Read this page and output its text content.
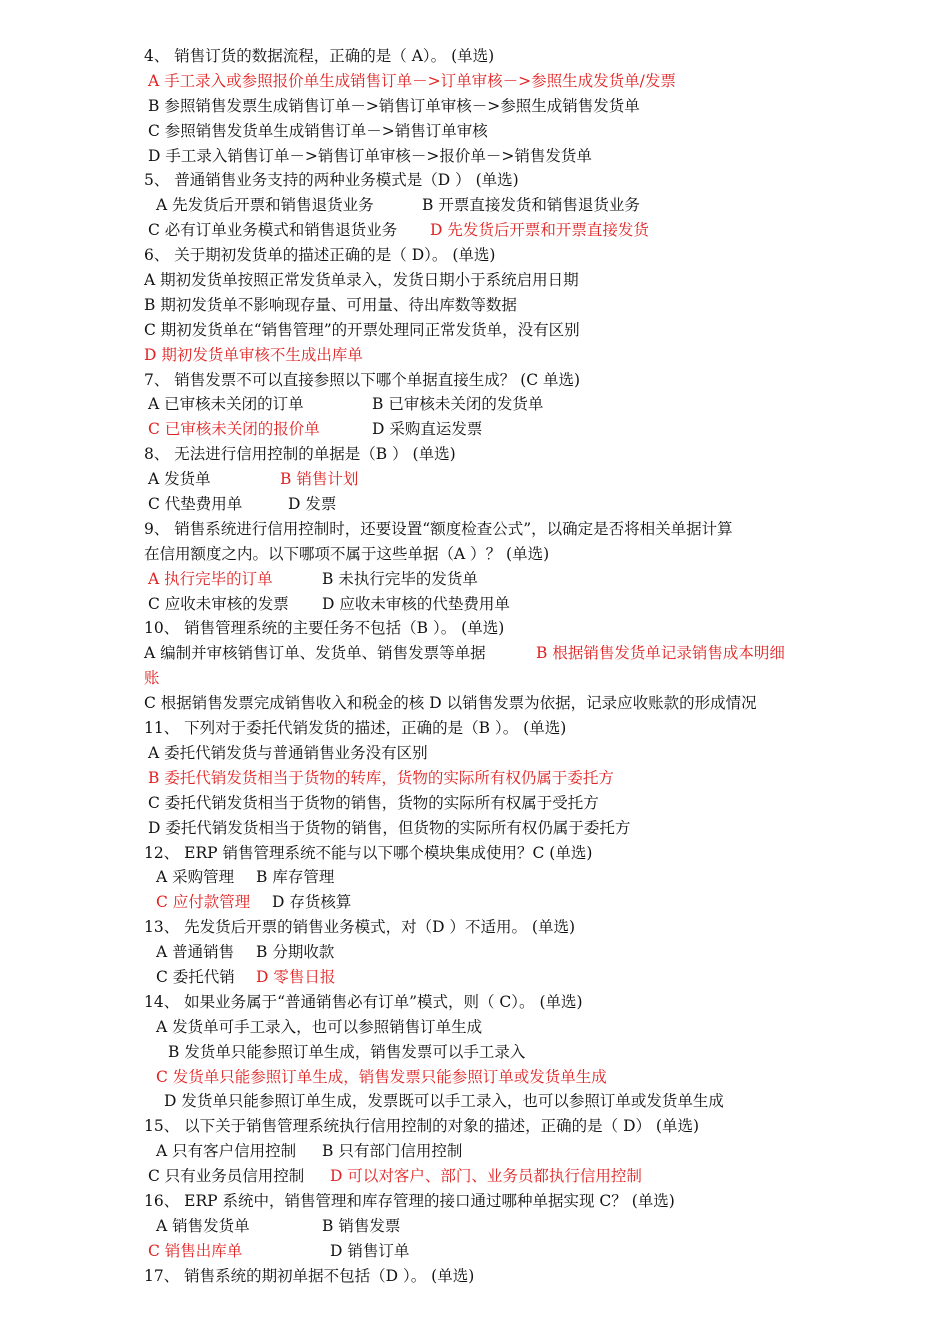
4、 销售订货的数据流程，正确的是（ A）。 (单选)
A 手工录入或参照报价单生成销售订单－>订单审核－>参照生成发货单/发票
B 参照销售发票生成销售订单－>销售订单审核－>参照生成销售发货单
C 参照销售发货单生成销售订单－>销售订单审核
D 手工录入销售订单－>销售订单审核－>报价单－>销售发货单
5、 普通销售业务支持的两种业务模式是（D ） (单选)
A 先发货后开票和销售退货业务	B 开票直接发货和销售退货业务
C 必有订单业务模式和销售退货业务 D 先发货后开票和开票直接发货
6、 关于期初发货单的描述正确的是（ D）。 (单选)
A 期初发货单按照正常发货单录入，发货日期小于系统启用日期
B 期初发货单不影响现存量、可用量、待出库数等数据
C 期初发货单在“销售管理”的开票处理同正常发货单，没有区别
D 期初发货单审核不生成出库单
7、 销售发票不可以直接参照以下哪个单据直接生成？ (C 单选)
A 已审核未关闭的订单	B 已审核未关闭的发货单
C 已审核未关闭的报价单	D 采购直运发票
8、 无法进行信用控制的单据是（B ） (单选)
A 发货单	B 销售计划
C 代垫费用单	D 发票
9、 销售系统进行信用控制时，还要设置“额度检查公式”，以确定是否将相关单据计算
在信用额度之内。以下哪项不属于这些单据（A ）？ (单选)
A 执行完毕的订单	B 未执行完毕的发货单
C 应收未审核的发票 D 应收未审核的代垫费用单
10、 销售管理系统的主要任务不包括（B ）。 (单选)
A 编制并审核销售订单、发货单、销售发票等单据	B 根据销售发货单记录销售成本明细
账
C 根据销售发票完成销售收入和税金的核 D 以销售发票为依据，记录应收账款的形成情况
11、 下列对于委托代销发货的描述，正确的是（B ）。 (单选)
A 委托代销发货与普通销售业务没有区别
B 委托代销发货相当于货物的转库，货物的实际所有权仍属于委托方
C 委托代销发货相当于货物的销售，货物的实际所有权属于受托方
D 委托代销发货相当于货物的销售，但货物的实际所有权仍属于委托方
12、 ERP 销售管理系统不能与以下哪个模块集成使用？C (单选)
A 采购管理 B 库存管理
C 应付款管理 D 存货核算
13、 先发货后开票的销售业务模式，对（D ）不适用。 (单选)
A 普通销售 B 分期收款
C 委托代销 D 零售日报
14、 如果业务属于“普通销售必有订单”模式，则（ C）。 (单选)
A 发货单可手工录入，也可以参照销售订单生成
B 发货单只能参照订单生成，销售发票可以手工录入
C 发货单只能参照订单生成，销售发票只能参照订单或发货单生成
D 发货单只能参照订单生成，发票既可以手工录入，也可以参照订单或发货单生成
15、 以下关于销售管理系统执行信用控制的对象的描述，正确的是（ D） (单选)
A 只有客户信用控制 B 只有部门信用控制
C 只有业务员信用控制 D 可以对客户、部门、业务员都执行信用控制
16、 ERP 系统中，销售管理和库存管理的接口通过哪种单据实现 C？ (单选)
A 销售发货单	B 销售发票
C 销售出库单	D 销售订单
17、 销售系统的期初单据不包括（D ）。 (单选)
